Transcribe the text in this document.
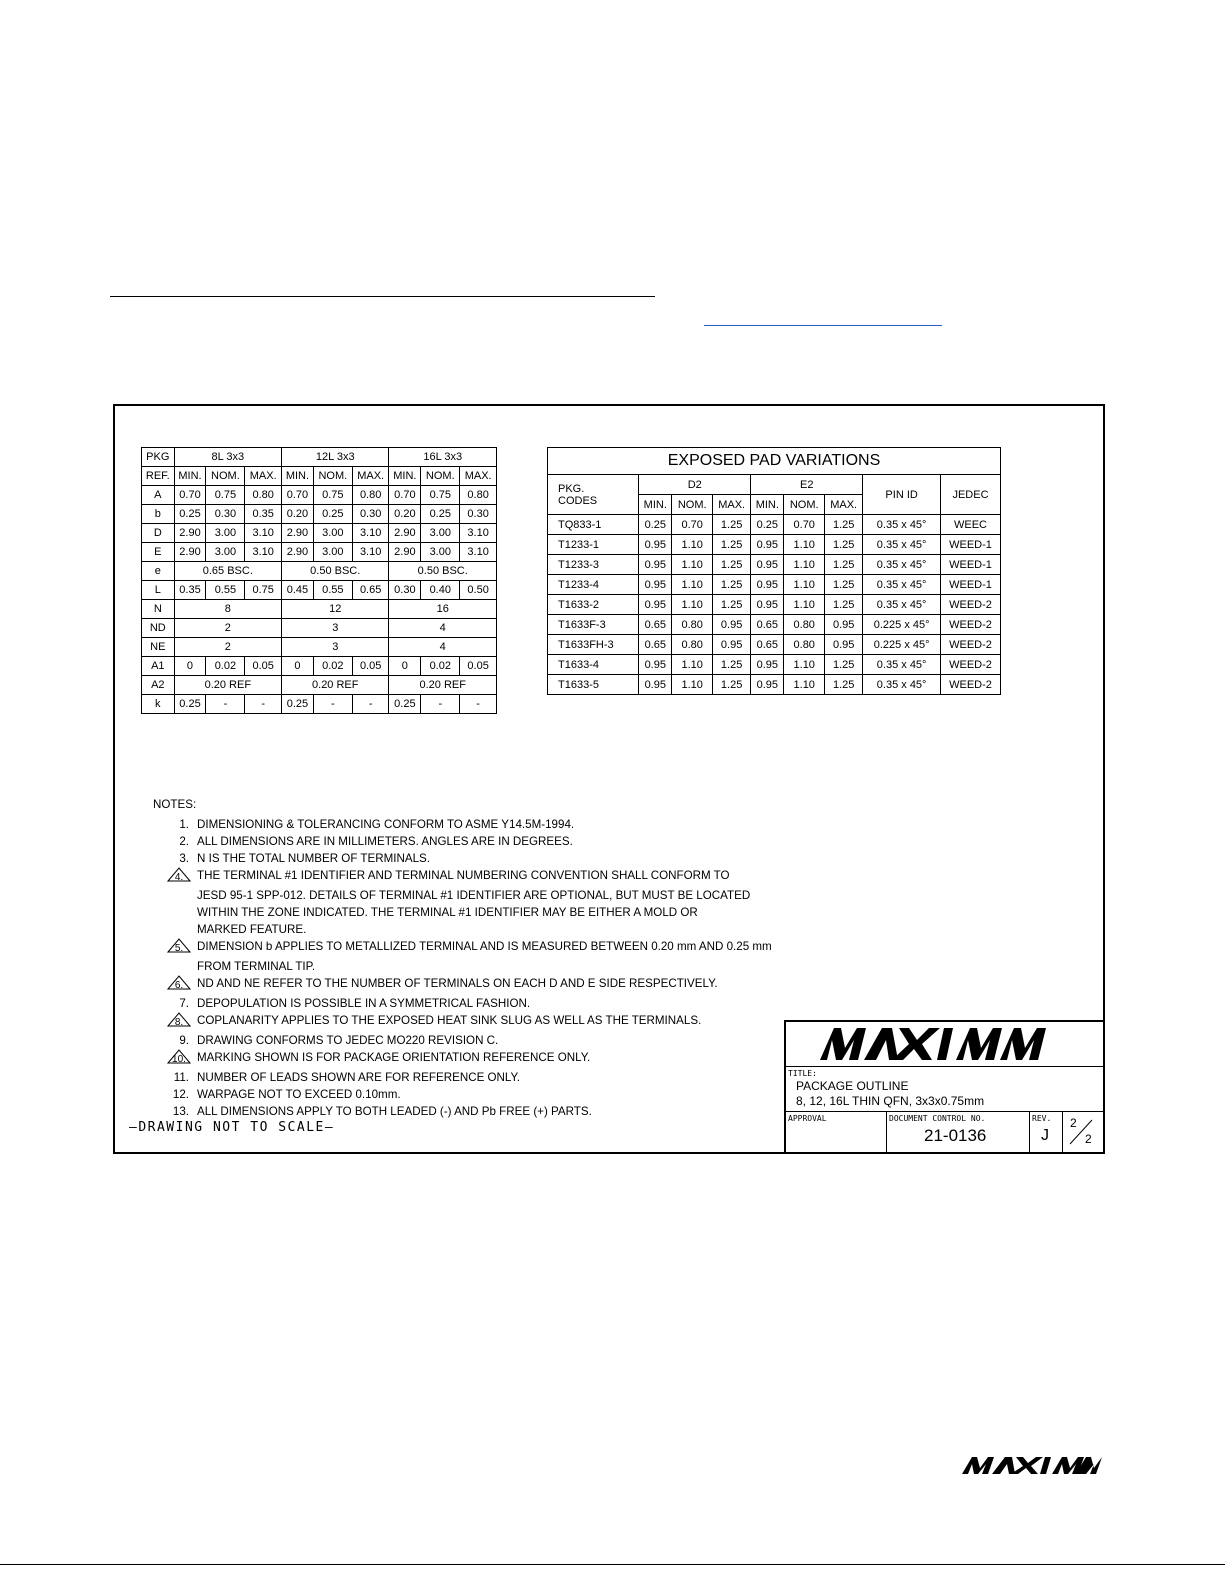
PKG	8L 3x3			12L 3x3			16L 3x3		
REF.	MIN.	NOM.	MAX.	MIN.	NOM.	MAX.	MIN.	NOM.	MAX.
A	0.70	0.75	0.80	0.70	0.75	0.80	0.70	0.75	0.80
b	0.25	0.30	0.35	0.20	0.25	0.30	0.20	0.25	0.30
D	2.90	3.00	3.10	2.90	3.00	3.10	2.90	3.00	3.10
E	2.90	3.00	3.10	2.90	3.00	3.10	2.90	3.00	3.10
e	0.65 BSC.			0.50 BSC.			0.50 BSC.		
L	0.35	0.55	0.75	0.45	0.55	0.65	0.30	0.40	0.50
N	8			12			16		
ND	2			3			4		
NE	2			3			4		
A1	0	0.02	0.05	0	0.02	0.05	0	0.02	0.05
A2	0.20 REF			0.20 REF			0.20 REF		
k	0.25	-	-	0.25	-	-	0.25	-	-
EXPOSED PAD VARIATIONS								
PKG.
CODES	D2			E2			PIN ID	JEDEC
	MIN.	NOM.	MAX.	MIN.	NOM.	MAX.		
TQ833-1	0.25	0.70	1.25	0.25	0.70	1.25	0.35 x 45°	WEEC
T1233-1	0.95	1.10	1.25	0.95	1.10	1.25	0.35 x 45°	WEED-1
T1233-3	0.95	1.10	1.25	0.95	1.10	1.25	0.35 x 45°	WEED-1
T1233-4	0.95	1.10	1.25	0.95	1.10	1.25	0.35 x 45°	WEED-1
T1633-2	0.95	1.10	1.25	0.95	1.10	1.25	0.35 x 45°	WEED-2
T1633F-3	0.65	0.80	0.95	0.65	0.80	0.95	0.225 x 45°	WEED-2
T1633FH-3	0.65	0.80	0.95	0.65	0.80	0.95	0.225 x 45°	WEED-2
T1633-4	0.95	1.10	1.25	0.95	1.10	1.25	0.35 x 45°	WEED-2
T1633-5	0.95	1.10	1.25	0.95	1.10	1.25	0.35 x 45°	WEED-2
NOTES:
1. DIMENSIONING & TOLERANCING CONFORM TO ASME Y14.5M-1994.
2. ALL DIMENSIONS ARE IN MILLIMETERS. ANGLES ARE IN DEGREES.
3. N IS THE TOTAL NUMBER OF TERMINALS.
4.	THE TERMINAL #1 IDENTIFIER AND TERMINAL NUMBERING CONVENTION SHALL CONFORM TO
JESD 95-1 SPP-012. DETAILS OF TERMINAL #1 IDENTIFIER ARE OPTIONAL, BUT MUST BE LOCATED
WITHIN THE ZONE INDICATED. THE TERMINAL #1 IDENTIFIER MAY BE EITHER A MOLD OR
MARKED FEATURE.
5.	DIMENSION b APPLIES TO METALLIZED TERMINAL AND IS MEASURED BETWEEN 0.20 mm AND 0.25 mm
FROM TERMINAL TIP.
6.	ND AND NE REFER TO THE NUMBER OF TERMINALS ON EACH D AND E SIDE RESPECTIVELY.
7. DEPOPULATION IS POSSIBLE IN A SYMMETRICAL FASHION.
8.	COPLANARITY APPLIES TO THE EXPOSED HEAT SINK SLUG AS WELL AS THE TERMINALS.
9. DRAWING CONFORMS TO JEDEC MO220 REVISION C.
10. MARKING SHOWN IS FOR PACKAGE ORIENTATION REFERENCE ONLY.
11. NUMBER OF LEADS SHOWN ARE FOR REFERENCE ONLY.
12. WARPAGE NOT TO EXCEED 0.10mm.
13. ALL DIMENSIONS APPLY TO BOTH LEADED (-) AND Pb FREE (+) PARTS.
—DRAWING NOT TO SCALE—
TITLE:
PACKAGE OUTLINE
8, 12, 16L THIN QFN, 3x3x0.75mm
APPROVAL	DOCUMENT CONTROL NO.
21-0136
REV.
J
2
2
